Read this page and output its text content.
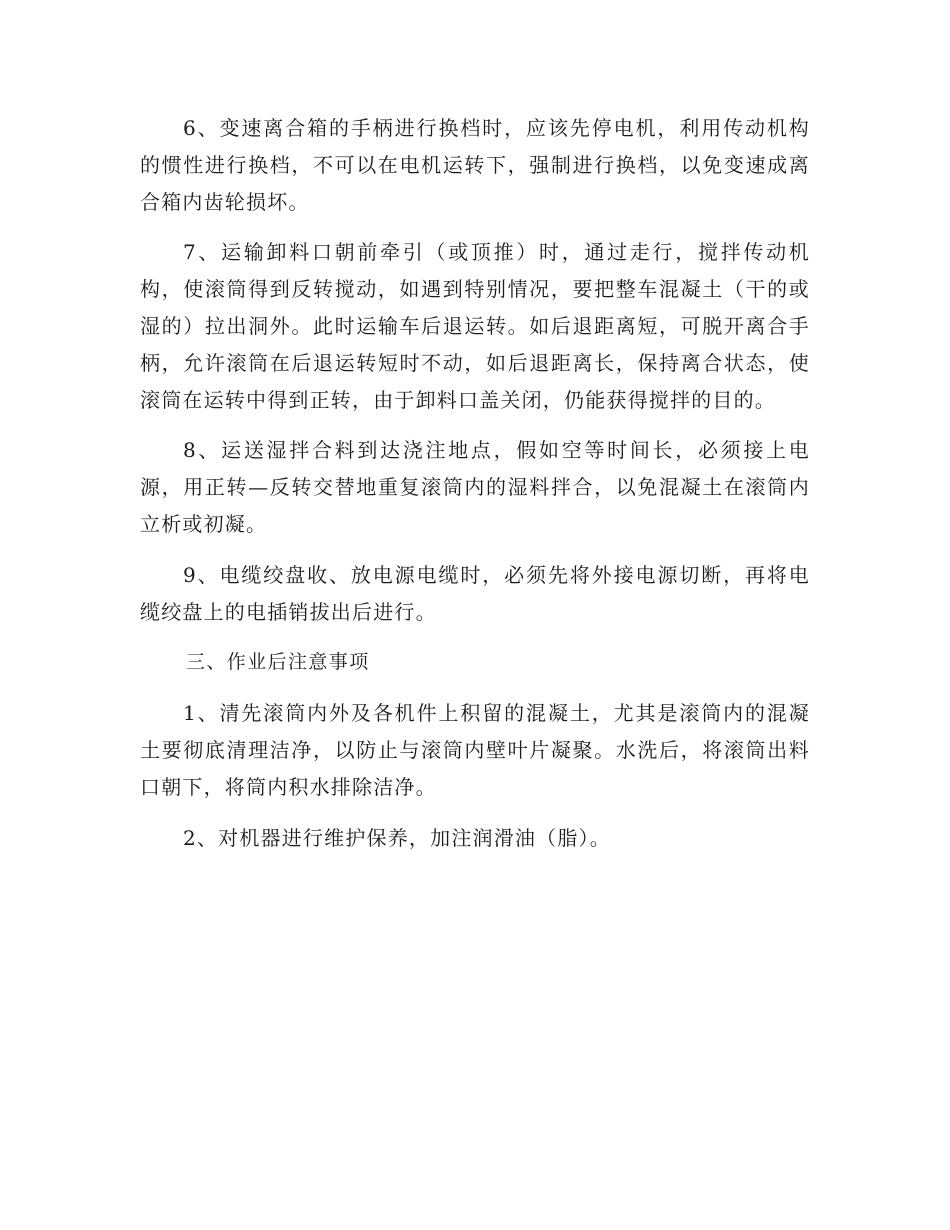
6、变速离合箱的手柄进行换档时，应该先停电机，利用传动机构的惯性进行换档，不可以在电机运转下，强制进行换档，以免变速成离合箱内齿轮损坏。

7、运输卸料口朝前牵引（或顶推）时，通过走行，搅拌传动机构，使滚筒得到反转搅动，如遇到特别情况，要把整车混凝土（干的或湿的）拉出洞外。此时运输车后退运转。如后退距离短，可脱开离合手柄，允许滚筒在后退运转短时不动，如后退距离长，保持离合状态，使滚筒在运转中得到正转，由于卸料口盖关闭，仍能获得搅拌的目的。

8、运送湿拌合料到达浇注地点，假如空等时间长，必须接上电源，用正转—反转交替地重复滚筒内的湿料拌合，以免混凝土在滚筒内立析或初凝。

9、电缆绞盘收、放电源电缆时，必须先将外接电源切断，再将电缆绞盘上的电插销拔出后进行。

三、作业后注意事项

1、清先滚筒内外及各机件上积留的混凝土，尤其是滚筒内的混凝土要彻底清理洁净，以防止与滚筒内壁叶片凝聚。水洗后，将滚筒出料口朝下，将筒内积水排除洁净。

2、对机器进行维护保养，加注润滑油（脂）。
